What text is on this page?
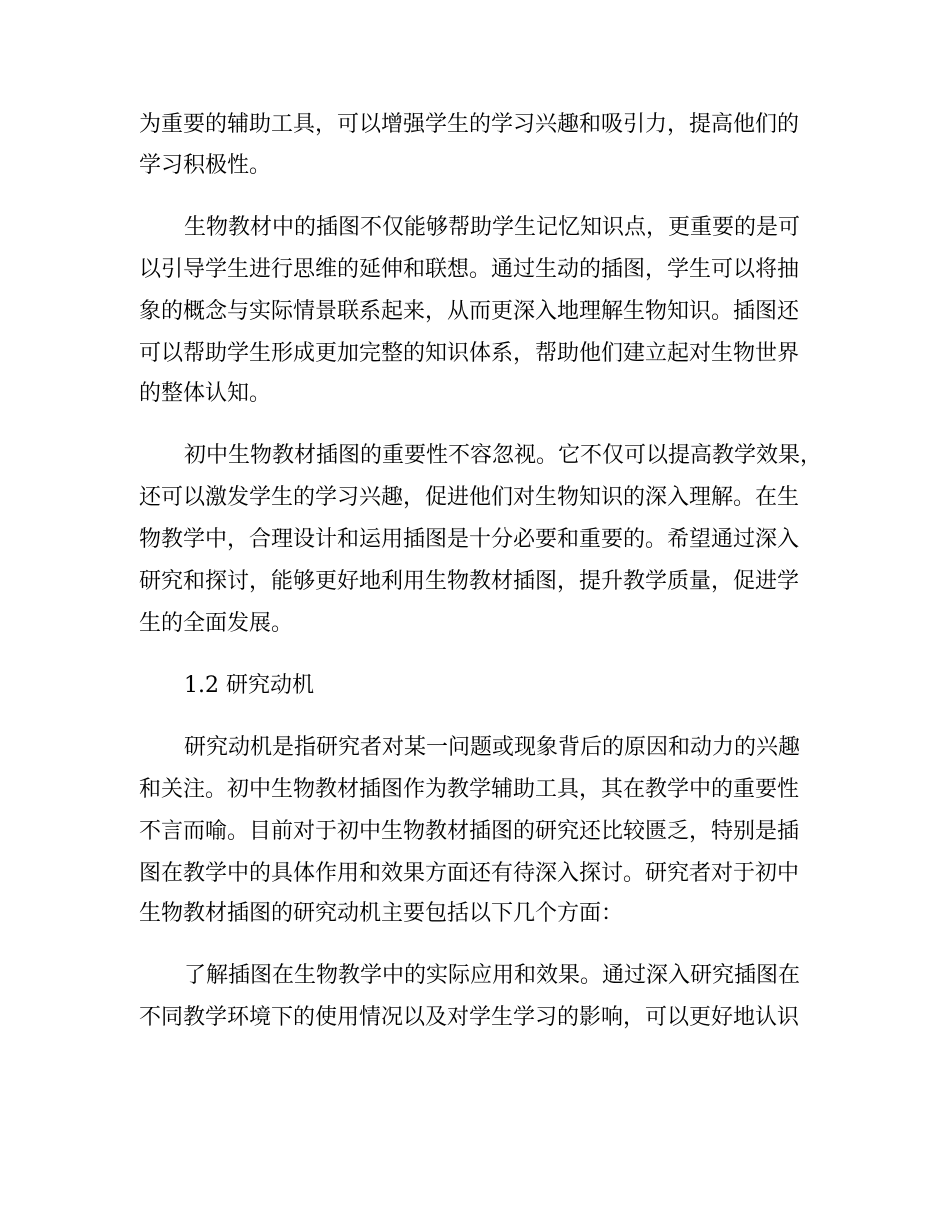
为重要的辅助工具，可以增强学生的学习兴趣和吸引力，提高他们的

学习积极性。

生物教材中的插图不仅能够帮助学生记忆知识点，更重要的是可

以引导学生进行思维的延伸和联想。通过生动的插图，学生可以将抽

象的概念与实际情景联系起来，从而更深入地理解生物知识。插图还

可以帮助学生形成更加完整的知识体系，帮助他们建立起对生物世界

的整体认知。

初中生物教材插图的重要性不容忽视。它不仅可以提高教学效果，

还可以激发学生的学习兴趣，促进他们对生物知识的深入理解。在生

物教学中，合理设计和运用插图是十分必要和重要的。希望通过深入

研究和探讨，能够更好地利用生物教材插图，提升教学质量，促进学

生的全面发展。

1.2 研究动机

研究动机是指研究者对某一问题或现象背后的原因和动力的兴趣

和关注。初中生物教材插图作为教学辅助工具，其在教学中的重要性

不言而喻。目前对于初中生物教材插图的研究还比较匮乏，特别是插

图在教学中的具体作用和效果方面还有待深入探讨。研究者对于初中

生物教材插图的研究动机主要包括以下几个方面：

了解插图在生物教学中的实际应用和效果。通过深入研究插图在

不同教学环境下的使用情况以及对学生学习的影响，可以更好地认识
